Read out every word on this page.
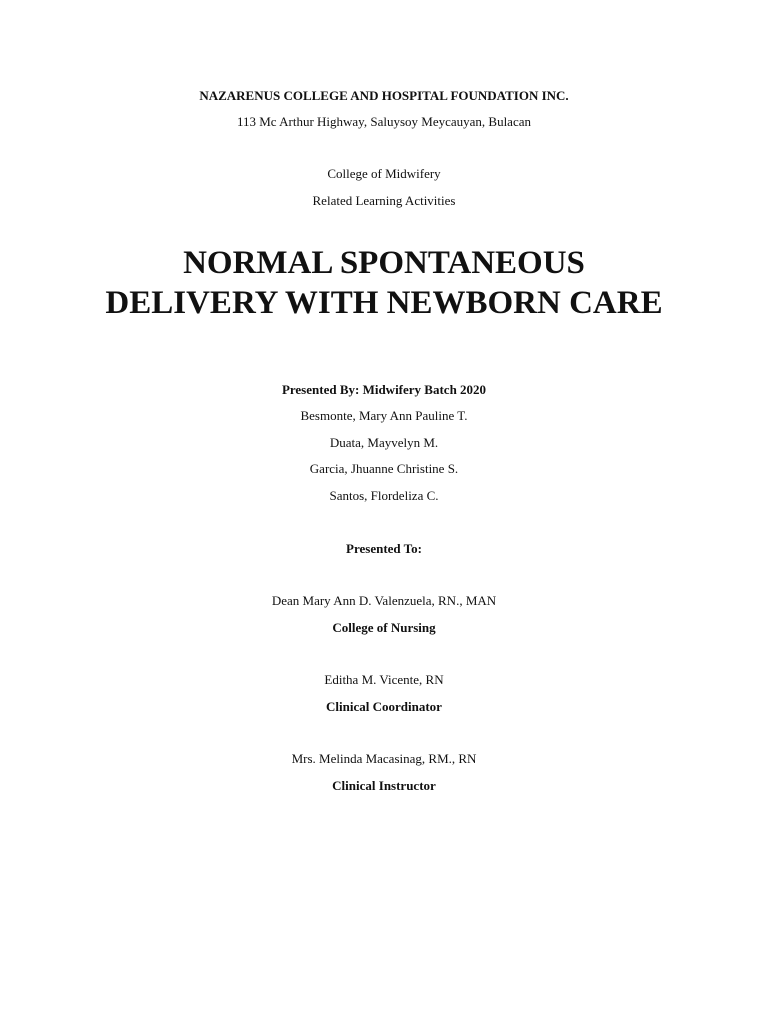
NAZARENUS COLLEGE AND HOSPITAL FOUNDATION INC.
113 Mc Arthur Highway, Saluysoy Meycauyan, Bulacan
College of Midwifery
Related Learning Activities
NORMAL SPONTANEOUS
DELIVERY WITH NEWBORN CARE
Presented By: Midwifery Batch 2020
Besmonte, Mary Ann Pauline T.
Duata, Mayvelyn M.
Garcia, Jhuanne Christine S.
Santos, Flordeliza C.
Presented To:
Dean Mary Ann D. Valenzuela, RN., MAN
College of Nursing
Editha M. Vicente, RN
Clinical Coordinator
Mrs. Melinda Macasinag, RM., RN
Clinical Instructor
